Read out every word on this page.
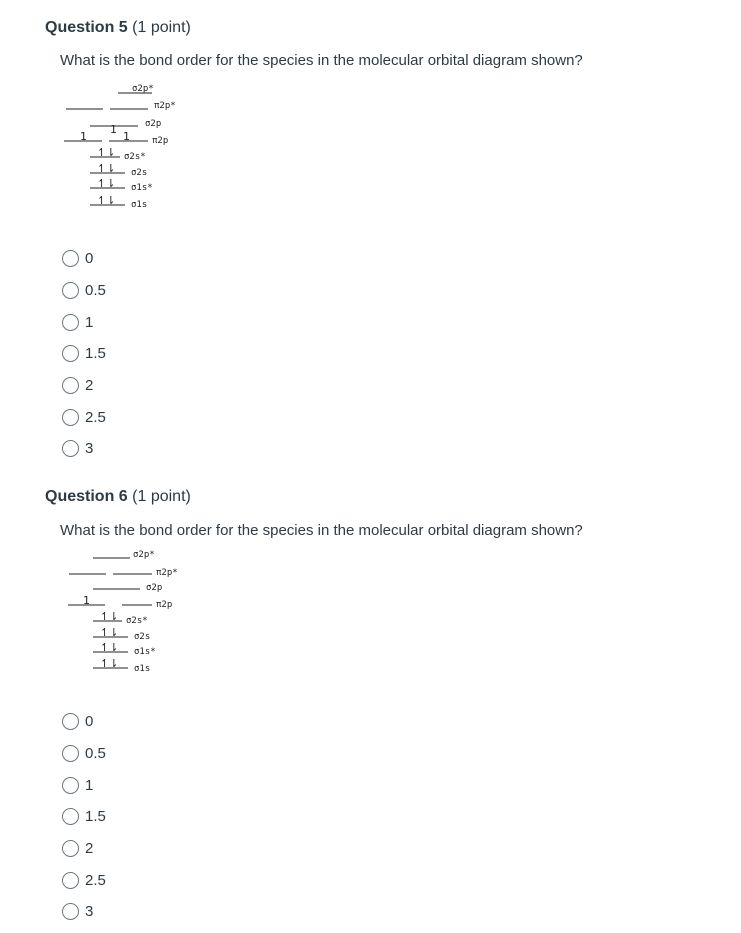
Question 5 (1 point)

What is the bond order for the species in the molecular orbital diagram shown?

σ2p*
π2p*
1	σ2p
1	1 π2p
↿⇂ σ2s*
↿⇂ σ2s
↿⇂ σ1s*
↿⇂ σ1s
0
0.5
1
1.5
2
2.5
3
Question 6 (1 point)

What is the bond order for the species in the molecular orbital diagram shown?

σ2p*
π2p*
σ2p
1	π2p
↿⇂ σ2s*
↿⇂ σ2s
↿⇂ σ1s*
↿⇂ σ1s
0
0.5
1
1.5
2
2.5
3
